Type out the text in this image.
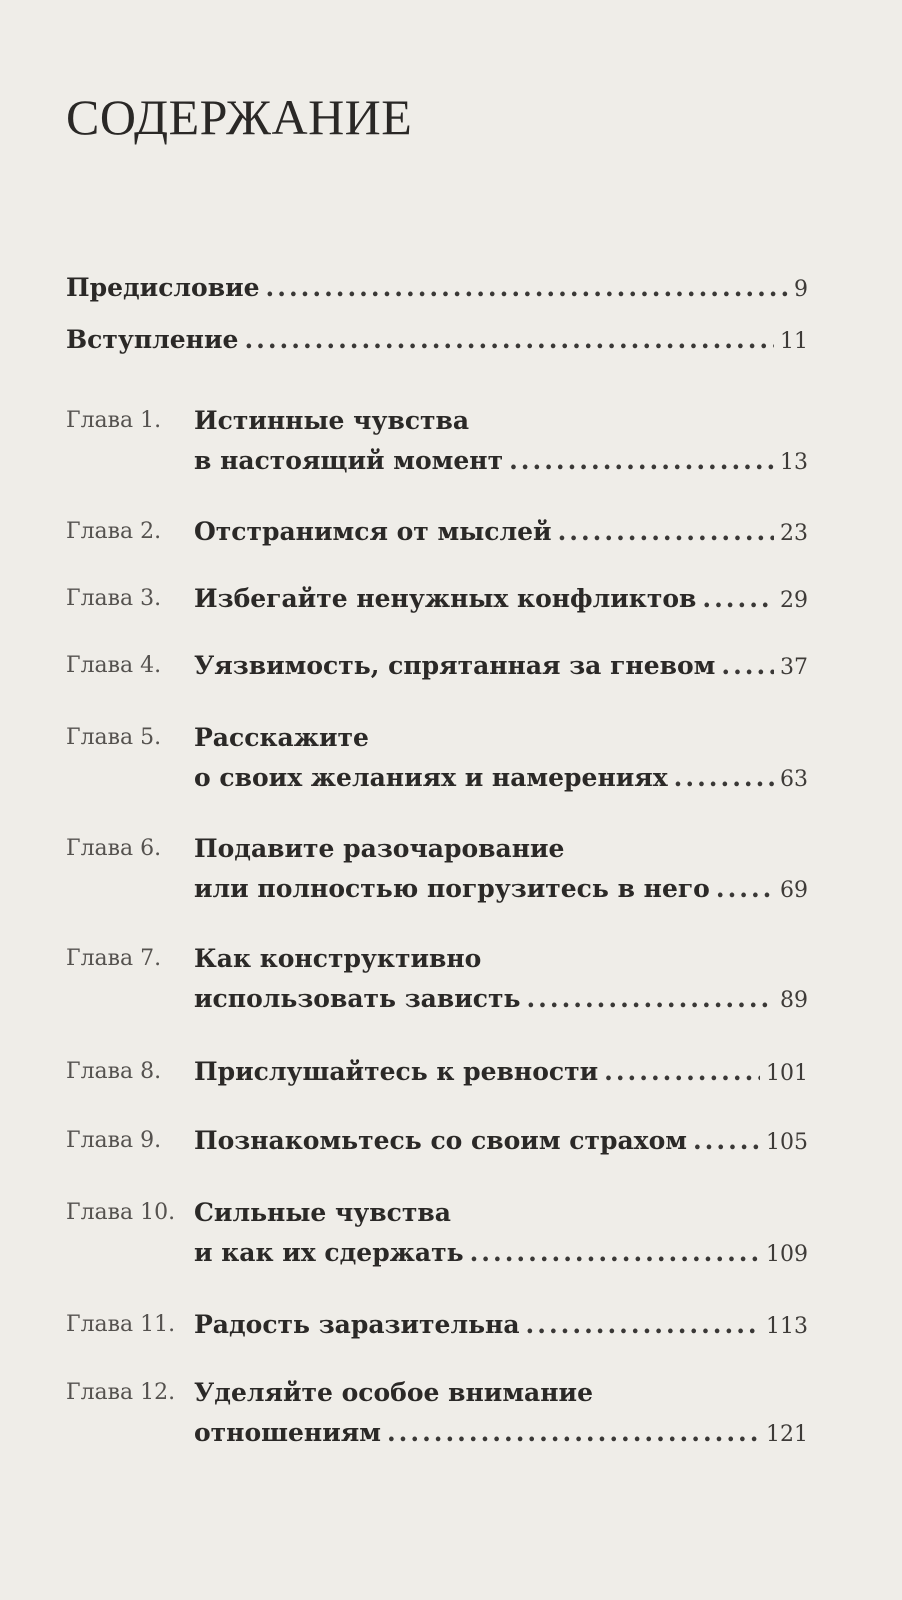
СОДЕРЖАНИЕ
Предисловие .....	9
Вступление .....	11
Глава 1. Истинные чувства
в настоящий момент .....	13
Глава 2. Отстранимся от мыслей .....	23
Глава 3. Избегайте ненужных конфликтов .....	29
Глава 4. Уязвимость, спрятанная за гневом .....	37
Глава 5. Расскажите
о своих желаниях и намерениях .....	63
Глава 6. Подавите разочарование
или полностью погрузитесь в него .....	69
Глава 7. Как конструктивно
использовать зависть .....	89
Глава 8. Прислушайтесь к ревности .....	101
Глава 9. Познакомьтесь со своим страхом .....	105
Глава 10. Сильные чувства
и как их сдержать .....	109
Глава 11. Радость заразительна .....	113
Глава 12. Уделяйте особое внимание
отношениям .....	121
